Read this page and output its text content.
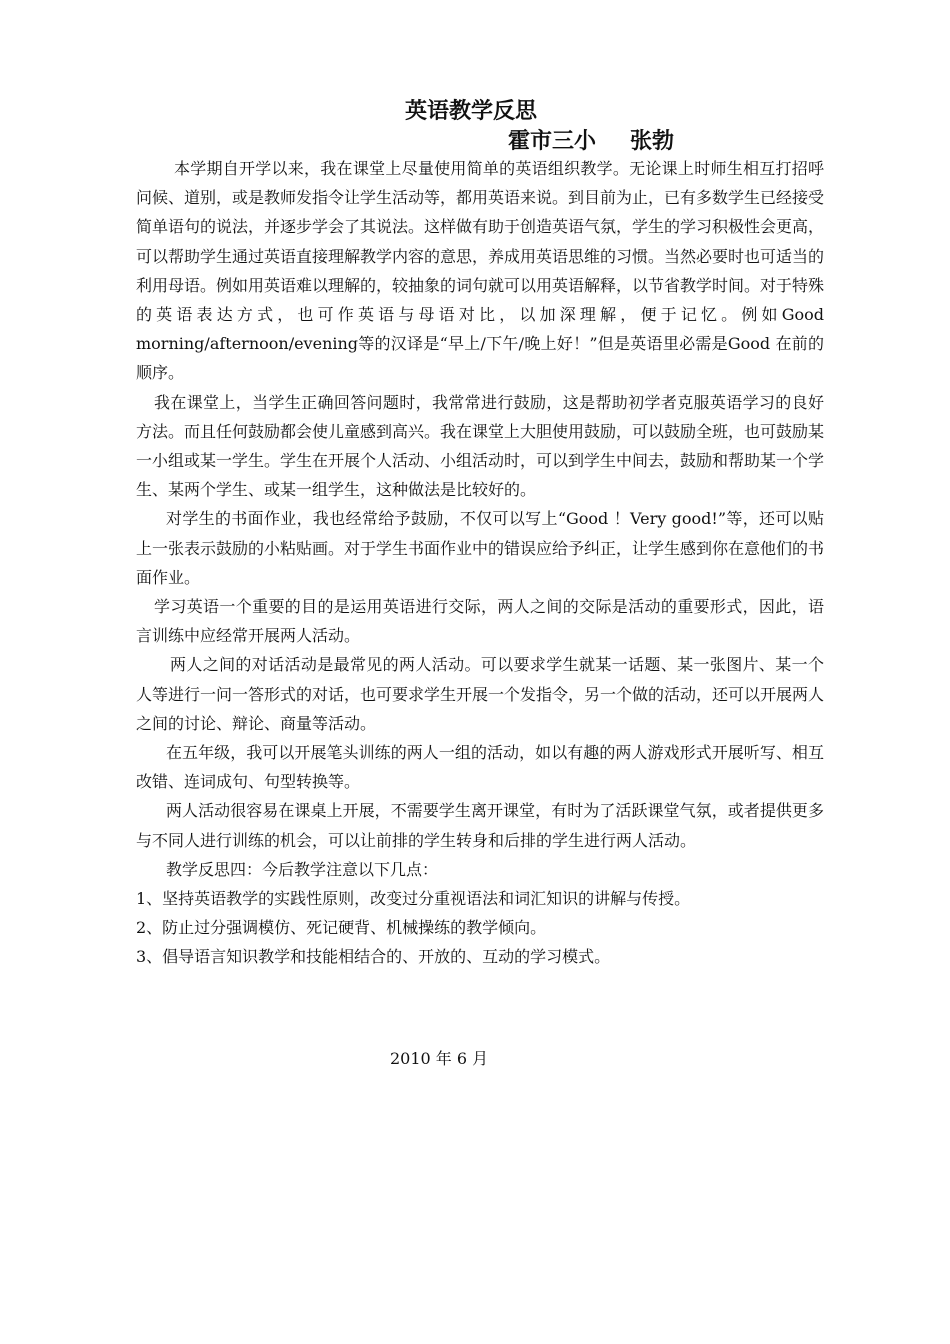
英语教学反思
霍市三小 张勃

本学期自开学以来，我在课堂上尽量使用简单的英语组织教学。无论课上时师生相互打招呼问候、道别，或是教师发指令让学生活动等，都用英语来说。到目前为止，已有多数学生已经接受简单语句的说法，并逐步学会了其说法。这样做有助于创造英语气氛，学生的学习积极性会更高，可以帮助学生通过英语直接理解教学内容的意思，养成用英语思维的习惯。当然必要时也可适当的利用母语。例如用英语难以理解的，较抽象的词句就可以用英语解释，以节省教学时间。对于特殊的英语表达方式，也可作英语与母语对比，以加深理解，便于记忆。例如Good morning/afternoon/evening等的汉译是“早上/下午/晚上好！”但是英语里必需是Good 在前的顺序。

我在课堂上，当学生正确回答问题时，我常常进行鼓励，这是帮助初学者克服英语学习的良好方法。而且任何鼓励都会使儿童感到高兴。我在课堂上大胆使用鼓励，可以鼓励全班，也可鼓励某一小组或某一学生。学生在开展个人活动、小组活动时，可以到学生中间去，鼓励和帮助某一个学生、某两个学生、或某一组学生，这种做法是比较好的。

对学生的书面作业，我也经常给予鼓励，不仅可以写上“Good ！Very good!”等，还可以贴上一张表示鼓励的小粘贴画。对于学生书面作业中的错误应给予纠正，让学生感到你在意他们的书面作业。

学习英语一个重要的目的是运用英语进行交际，两人之间的交际是活动的重要形式，因此，语言训练中应经常开展两人活动。

两人之间的对话活动是最常见的两人活动。可以要求学生就某一话题、某一张图片、某一个人等进行一问一答形式的对话，也可要求学生开展一个发指令，另一个做的活动，还可以开展两人之间的讨论、辩论、商量等活动。

在五年级，我可以开展笔头训练的两人一组的活动，如以有趣的两人游戏形式开展听写、相互改错、连词成句、句型转换等。

两人活动很容易在课桌上开展，不需要学生离开课堂，有时为了活跃课堂气氛，或者提供更多与不同人进行训练的机会，可以让前排的学生转身和后排的学生进行两人活动。

教学反思四：今后教学注意以下几点：

1、坚持英语教学的实践性原则，改变过分重视语法和词汇知识的讲解与传授。

2、防止过分强调模仿、死记硬背、机械操练的教学倾向。

3、倡导语言知识教学和技能相结合的、开放的、互动的学习模式。

2010 年 6 月
